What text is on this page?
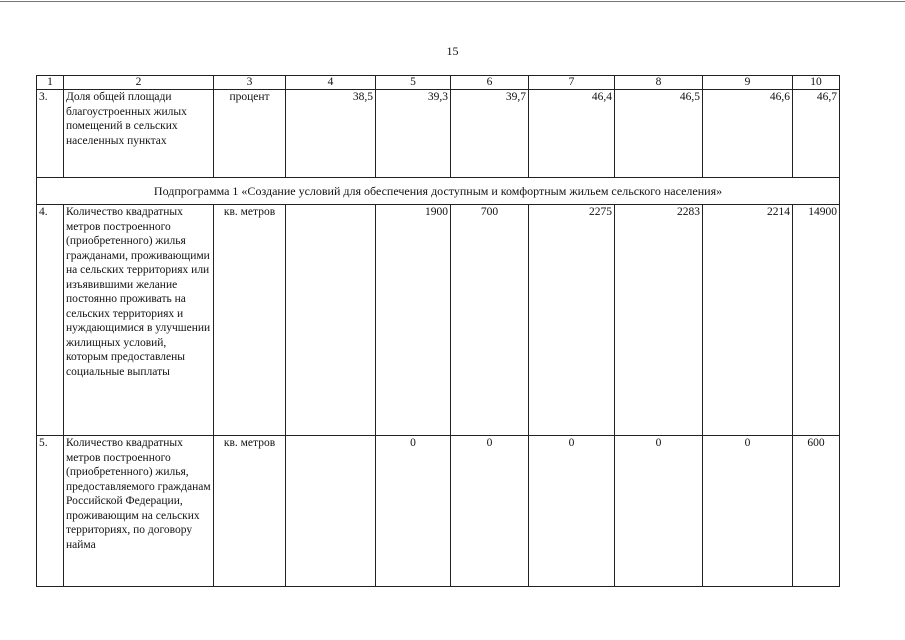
15
1	2	3	4	5	6	7	8	9	10
3.	Доля общей площади благоустроенных жилых помещений в сельских населенных пунктах	процент	38,5	39,3	39,7	46,4	46,5	46,6	46,7
Подпрограмма 1 «Создание условий для обеспечения доступным и комфортным жильем сельского населения»									
4.	Количество квадратных метров построенного (приобретенного) жилья гражданами, проживающими на сельских территориях или изъявившими желание постоянно проживать на сельских территориях и нуждающимися в улучшении жилищных условий, которым предоставлены социальные выплаты	кв. метров		1900	700	2275	2283	2214	14900
5.	Количество квадратных метров построенного (приобретенного) жилья, предоставляемого гражданам Российской Федерации, проживающим на сельских территориях, по договору найма	кв. метров		0	0	0	0	0	600
